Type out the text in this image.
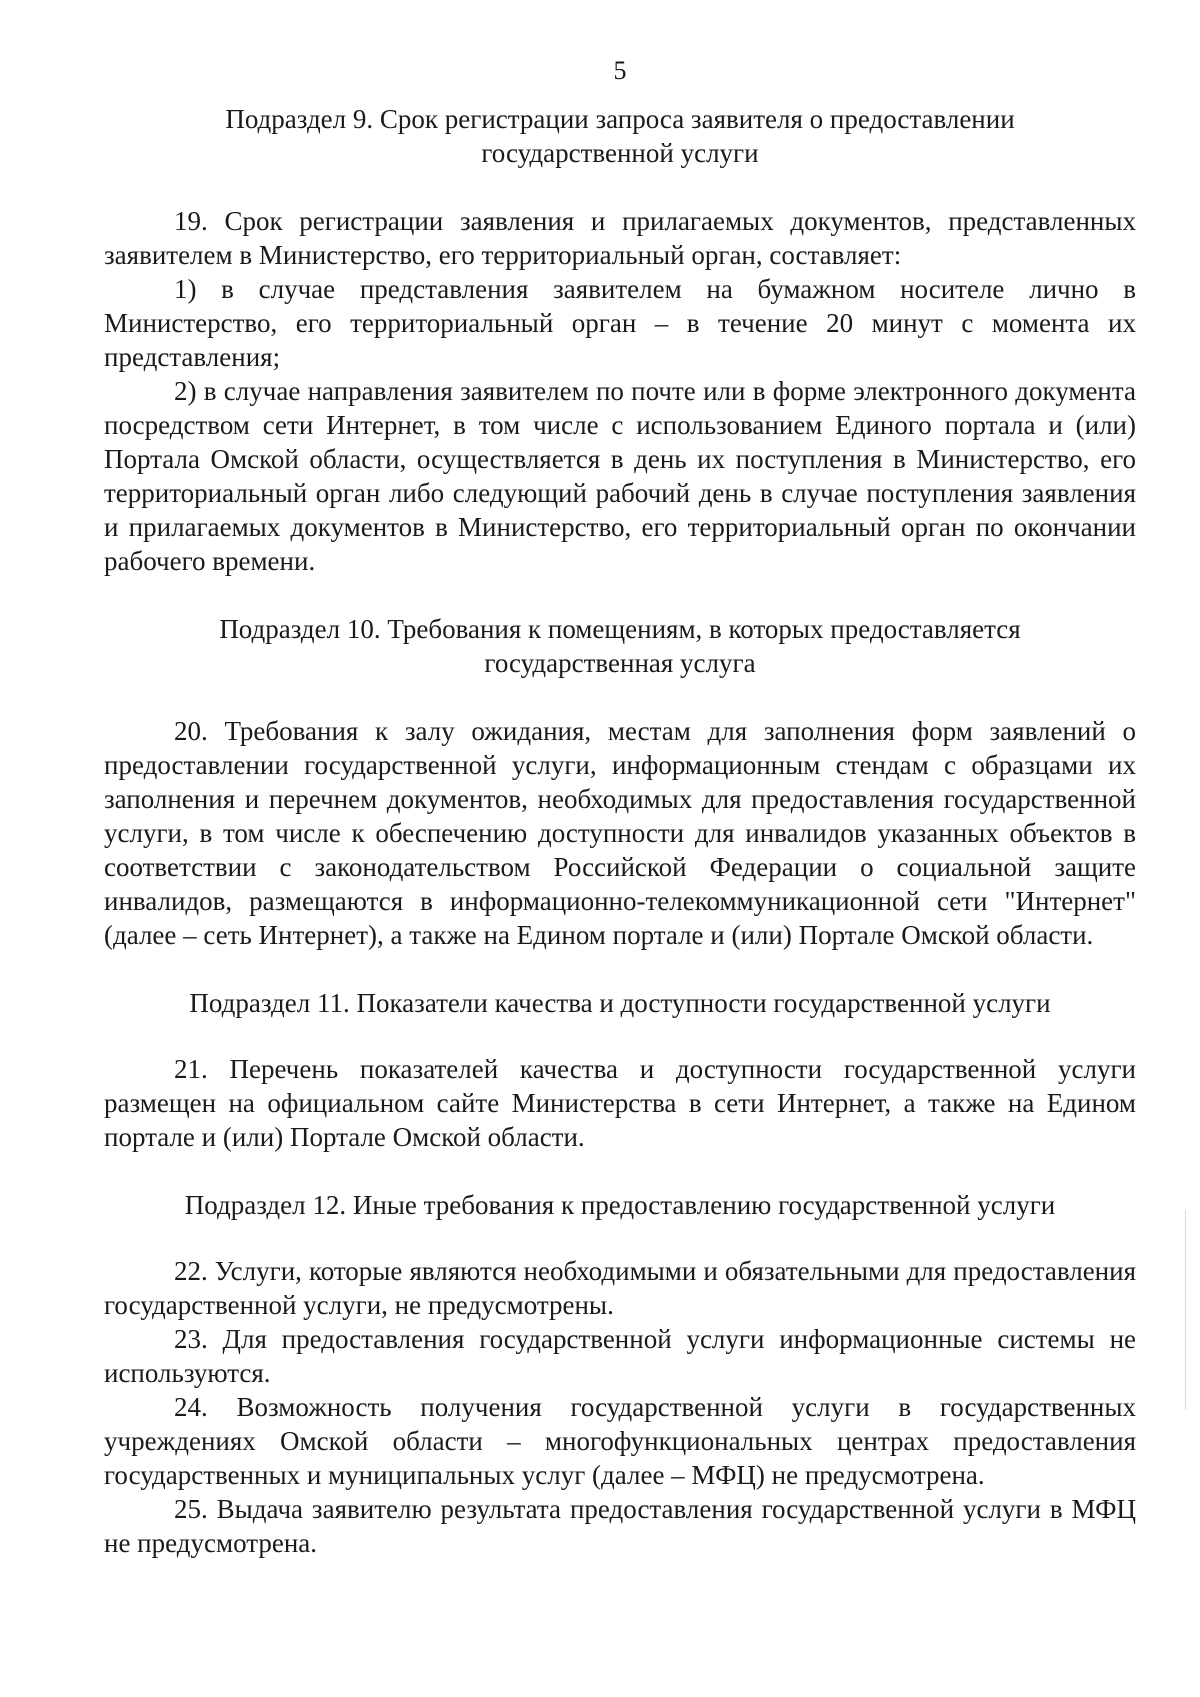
5
Подраздел 9. Срок регистрации запроса заявителя о предоставлении государственной услуги

19. Срок регистрации заявления и прилагаемых документов, представленных заявителем в Министерство, его территориальный орган, составляет:

1) в случае представления заявителем на бумажном носителе лично в Министерство, его территориальный орган – в течение 20 минут с момента их представления;

2) в случае направления заявителем по почте или в форме электронного документа посредством сети Интернет, в том числе с использованием Единого портала и (или) Портала Омской области, осуществляется в день их поступления в Министерство, его территориальный орган либо следующий рабочий день в случае поступления заявления и прилагаемых документов в Министерство, его территориальный орган по окончании рабочего времени.

Подраздел 10. Требования к помещениям, в которых предоставляется государственная услуга

20. Требования к залу ожидания, местам для заполнения форм заявлений о предоставлении государственной услуги, информационным стендам с образцами их заполнения и перечнем документов, необходимых для предоставления государственной услуги, в том числе к обеспечению доступности для инвалидов указанных объектов в соответствии с законодательством Российской Федерации о социальной защите инвалидов, размещаются в информационно-телекоммуникационной сети "Интернет" (далее – сеть Интернет), а также на Едином портале и (или) Портале Омской области.

Подраздел 11. Показатели качества и доступности государственной услуги

21. Перечень показателей качества и доступности государственной услуги размещен на официальном сайте Министерства в сети Интернет, а также на Едином портале и (или) Портале Омской области.

Подраздел 12. Иные требования к предоставлению государственной услуги

22. Услуги, которые являются необходимыми и обязательными для предоставления государственной услуги, не предусмотрены.

23. Для предоставления государственной услуги информационные системы не используются.

24. Возможность получения государственной услуги в государственных учреждениях Омской области – многофункциональных центрах предоставления государственных и муниципальных услуг (далее – МФЦ) не предусмотрена.

25. Выдача заявителю результата предоставления государственной услуги в МФЦ не предусмотрена.
